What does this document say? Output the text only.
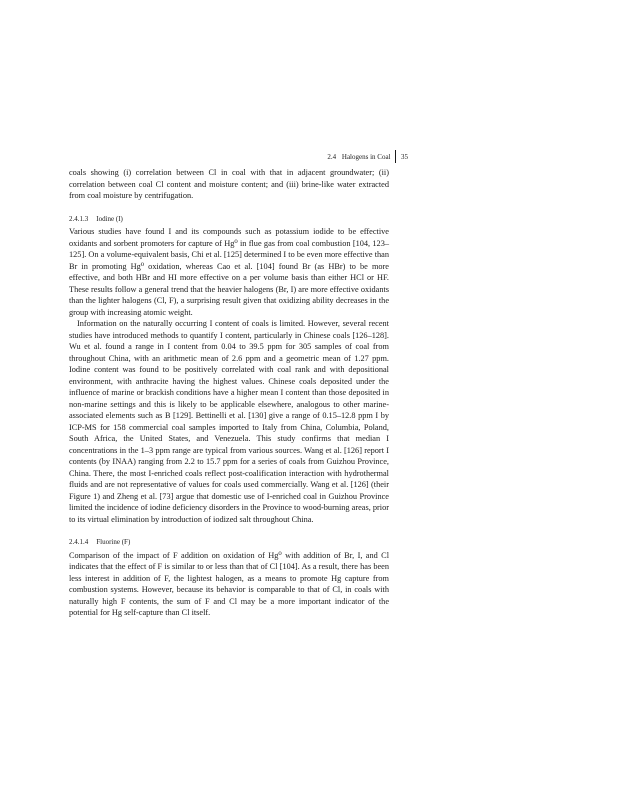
2.4 Halogens in Coal 35

coals showing (i) correlation between Cl in coal with that in adjacent groundwater; (ii) correlation between coal Cl content and moisture content; and (iii) brine-like water extracted from coal moisture by centrifugation.

2.4.1.3 Iodine (I)

Various studies have found I and its compounds such as potassium iodide to be effective oxidants and sorbent promoters for capture of Hg⁰ in flue gas from coal combustion [104, 123–125]. On a volume-equivalent basis, Chi et al. [125] determined I to be even more effective than Br in promoting Hg⁰ oxidation, whereas Cao et al. [104] found Br (as HBr) to be more effective, and both HBr and HI more effective on a per volume basis than either HCl or HF. These results follow a general trend that the heavier halogens (Br, I) are more effective oxidants than the lighter halogens (Cl, F), a surprising result given that oxidizing ability decreases in the group with increasing atomic weight.

Information on the naturally occurring I content of coals is limited. However, several recent studies have introduced methods to quantify I content, particularly in Chinese coals [126–128]. Wu et al. found a range in I content from 0.04 to 39.5 ppm for 305 samples of coal from throughout China, with an arithmetic mean of 2.6 ppm and a geometric mean of 1.27 ppm. Iodine content was found to be positively correlated with coal rank and with depositional environment, with anthracite having the highest values. Chinese coals deposited under the influence of marine or brackish conditions have a higher mean I content than those deposited in non-marine settings and this is likely to be applicable elsewhere, analogous to other marine-associated elements such as B [129]. Bettinelli et al. [130] give a range of 0.15–12.8 ppm I by ICP-MS for 158 commercial coal samples imported to Italy from China, Columbia, Poland, South Africa, the United States, and Venezuela. This study confirms that median I concentrations in the 1–3 ppm range are typical from various sources. Wang et al. [126] report I contents (by INAA) ranging from 2.2 to 15.7 ppm for a series of coals from Guizhou Province, China. There, the most I-enriched coals reflect post-coalification interaction with hydrothermal fluids and are not representative of values for coals used commercially. Wang et al. [126] (their Figure 1) and Zheng et al. [73] argue that domestic use of I-enriched coal in Guizhou Province limited the incidence of iodine deficiency disorders in the Province to wood-burning areas, prior to its virtual elimination by introduction of iodized salt throughout China.

2.4.1.4 Fluorine (F)

Comparison of the impact of F addition on oxidation of Hg⁰ with addition of Br, I, and Cl indicates that the effect of F is similar to or less than that of Cl [104]. As a result, there has been less interest in addition of F, the lightest halogen, as a means to promote Hg capture from combustion systems. However, because its behavior is comparable to that of Cl, in coals with naturally high F contents, the sum of F and Cl may be a more important indicator of the potential for Hg self-capture than Cl itself.
